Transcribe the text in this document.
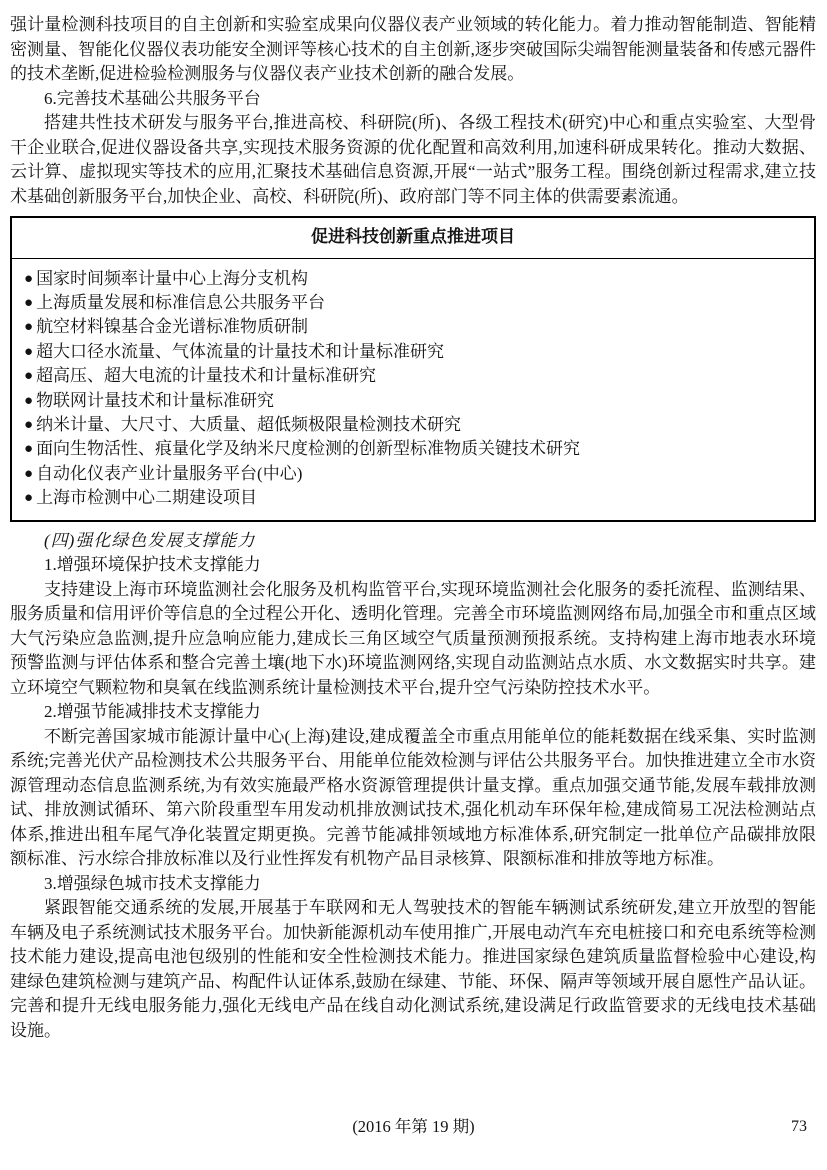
强计量检测科技项目的自主创新和实验室成果向仪器仪表产业领域的转化能力。着力推动智能制造、智能精密测量、智能化仪器仪表功能安全测评等核心技术的自主创新,逐步突破国际尖端智能测量装备和传感元器件的技术垄断,促进检验检测服务与仪器仪表产业技术创新的融合发展。

6.完善技术基础公共服务平台

搭建共性技术研发与服务平台,推进高校、科研院(所)、各级工程技术(研究)中心和重点实验室、大型骨干企业联合,促进仪器设备共享,实现技术服务资源的优化配置和高效利用,加速科研成果转化。推动大数据、云计算、虚拟现实等技术的应用,汇聚技术基础信息资源,开展“一站式”服务工程。围绕创新过程需求,建立技术基础创新服务平台,加快企业、高校、科研院(所)、政府部门等不同主体的供需要素流通。

促进科技创新重点推进项目
● 国家时间频率计量中心上海分支机构
● 上海质量发展和标准信息公共服务平台
● 航空材料镍基合金光谱标准物质研制
● 超大口径水流量、气体流量的计量技术和计量标准研究
● 超高压、超大电流的计量技术和计量标准研究
● 物联网计量技术和计量标准研究
● 纳米计量、大尺寸、大质量、超低频极限量检测技术研究
● 面向生物活性、痕量化学及纳米尺度检测的创新型标准物质关键技术研究
● 自动化仪表产业计量服务平台(中心)
● 上海市检测中心二期建设项目

(四)强化绿色发展支撑能力

1.增强环境保护技术支撑能力

支持建设上海市环境监测社会化服务及机构监管平台,实现环境监测社会化服务的委托流程、监测结果、服务质量和信用评价等信息的全过程公开化、透明化管理。完善全市环境监测网络布局,加强全市和重点区域大气污染应急监测,提升应急响应能力,建成长三角区域空气质量预测预报系统。支持构建上海市地表水环境预警监测与评估体系和整合完善土壤(地下水)环境监测网络,实现自动监测站点水质、水文数据实时共享。建立环境空气颗粒物和臭氧在线监测系统计量检测技术平台,提升空气污染防控技术水平。

2.增强节能减排技术支撑能力

不断完善国家城市能源计量中心(上海)建设,建成覆盖全市重点用能单位的能耗数据在线采集、实时监测系统;完善光伏产品检测技术公共服务平台、用能单位能效检测与评估公共服务平台。加快推进建立全市水资源管理动态信息监测系统,为有效实施最严格水资源管理提供计量支撑。重点加强交通节能,发展车载排放测试、排放测试循环、第六阶段重型车用发动机排放测试技术,强化机动车环保年检,建成简易工况法检测站点体系,推进出租车尾气净化装置定期更换。完善节能减排领域地方标准体系,研究制定一批单位产品碳排放限额标准、污水综合排放标准以及行业性挥发有机物产品目录核算、限额标准和排放等地方标准。

3.增强绿色城市技术支撑能力

紧跟智能交通系统的发展,开展基于车联网和无人驾驶技术的智能车辆测试系统研发,建立开放型的智能车辆及电子系统测试技术服务平台。加快新能源机动车使用推广,开展电动汽车充电桩接口和充电系统等检测技术能力建设,提高电池包级别的性能和安全性检测技术能力。推进国家绿色建筑质量监督检验中心建设,构建绿色建筑检测与建筑产品、构配件认证体系,鼓励在绿建、节能、环保、隔声等领域开展自愿性产品认证。完善和提升无线电服务能力,强化无线电产品在线自动化测试系统,建设满足行政监管要求的无线电技术基础设施。

(2016 年第 19 期)	73
